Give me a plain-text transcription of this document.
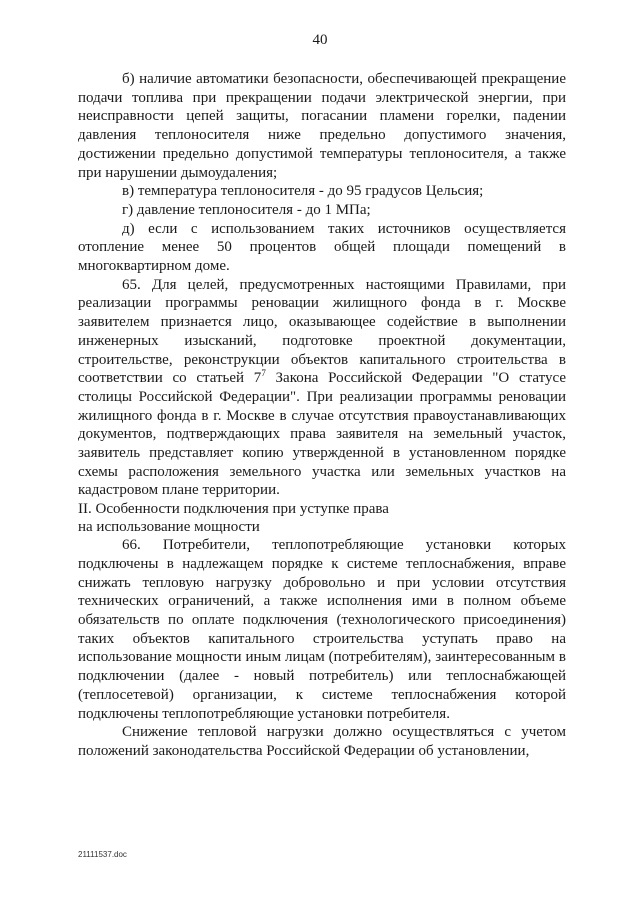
40

б) наличие автоматики безопасности, обеспечивающей прекращение подачи топлива при прекращении подачи электрической энергии, при неисправности цепей защиты, погасании пламени горелки, падении давления теплоносителя ниже предельно допустимого значения, достижении предельно допустимой температуры теплоносителя, а также при нарушении дымоудаления;

в) температура теплоносителя - до 95 градусов Цельсия;

г) давление теплоносителя - до 1 МПа;

д) если с использованием таких источников осуществляется отопление менее 50 процентов общей площади помещений в многоквартирном доме.

65. Для целей, предусмотренных настоящими Правилами, при реализации программы реновации жилищного фонда в г. Москве заявителем признается лицо, оказывающее содействие в выполнении инженерных изысканий, подготовке проектной документации, строительстве, реконструкции объектов капитального строительства в соответствии со статьей $7^7$ Закона Российской Федерации "О статусе столицы Российской Федерации". При реализации программы реновации жилищного фонда в г. Москве в случае отсутствия правоустанавливающих документов, подтверждающих права заявителя на земельный участок, заявитель представляет копию утвержденной в установленном порядке схемы расположения земельного участка или земельных участков на кадастровом плане территории.

II. Особенности подключения при уступке права
на использование мощности

66. Потребители, теплопотребляющие установки которых подключены в надлежащем порядке к системе теплоснабжения, вправе снижать тепловую нагрузку добровольно и при условии отсутствия технических ограничений, а также исполнения ими в полном объеме обязательств по оплате подключения (технологического присоединения) таких объектов капитального строительства уступать право на использование мощности иным лицам (потребителям), заинтересованным в подключении (далее - новый потребитель) или теплоснабжающей (теплосетевой) организации, к системе теплоснабжения которой подключены теплопотребляющие установки потребителя.

Снижение тепловой нагрузки должно осуществляться с учетом положений законодательства Российской Федерации об установлении,

21111537.doc
